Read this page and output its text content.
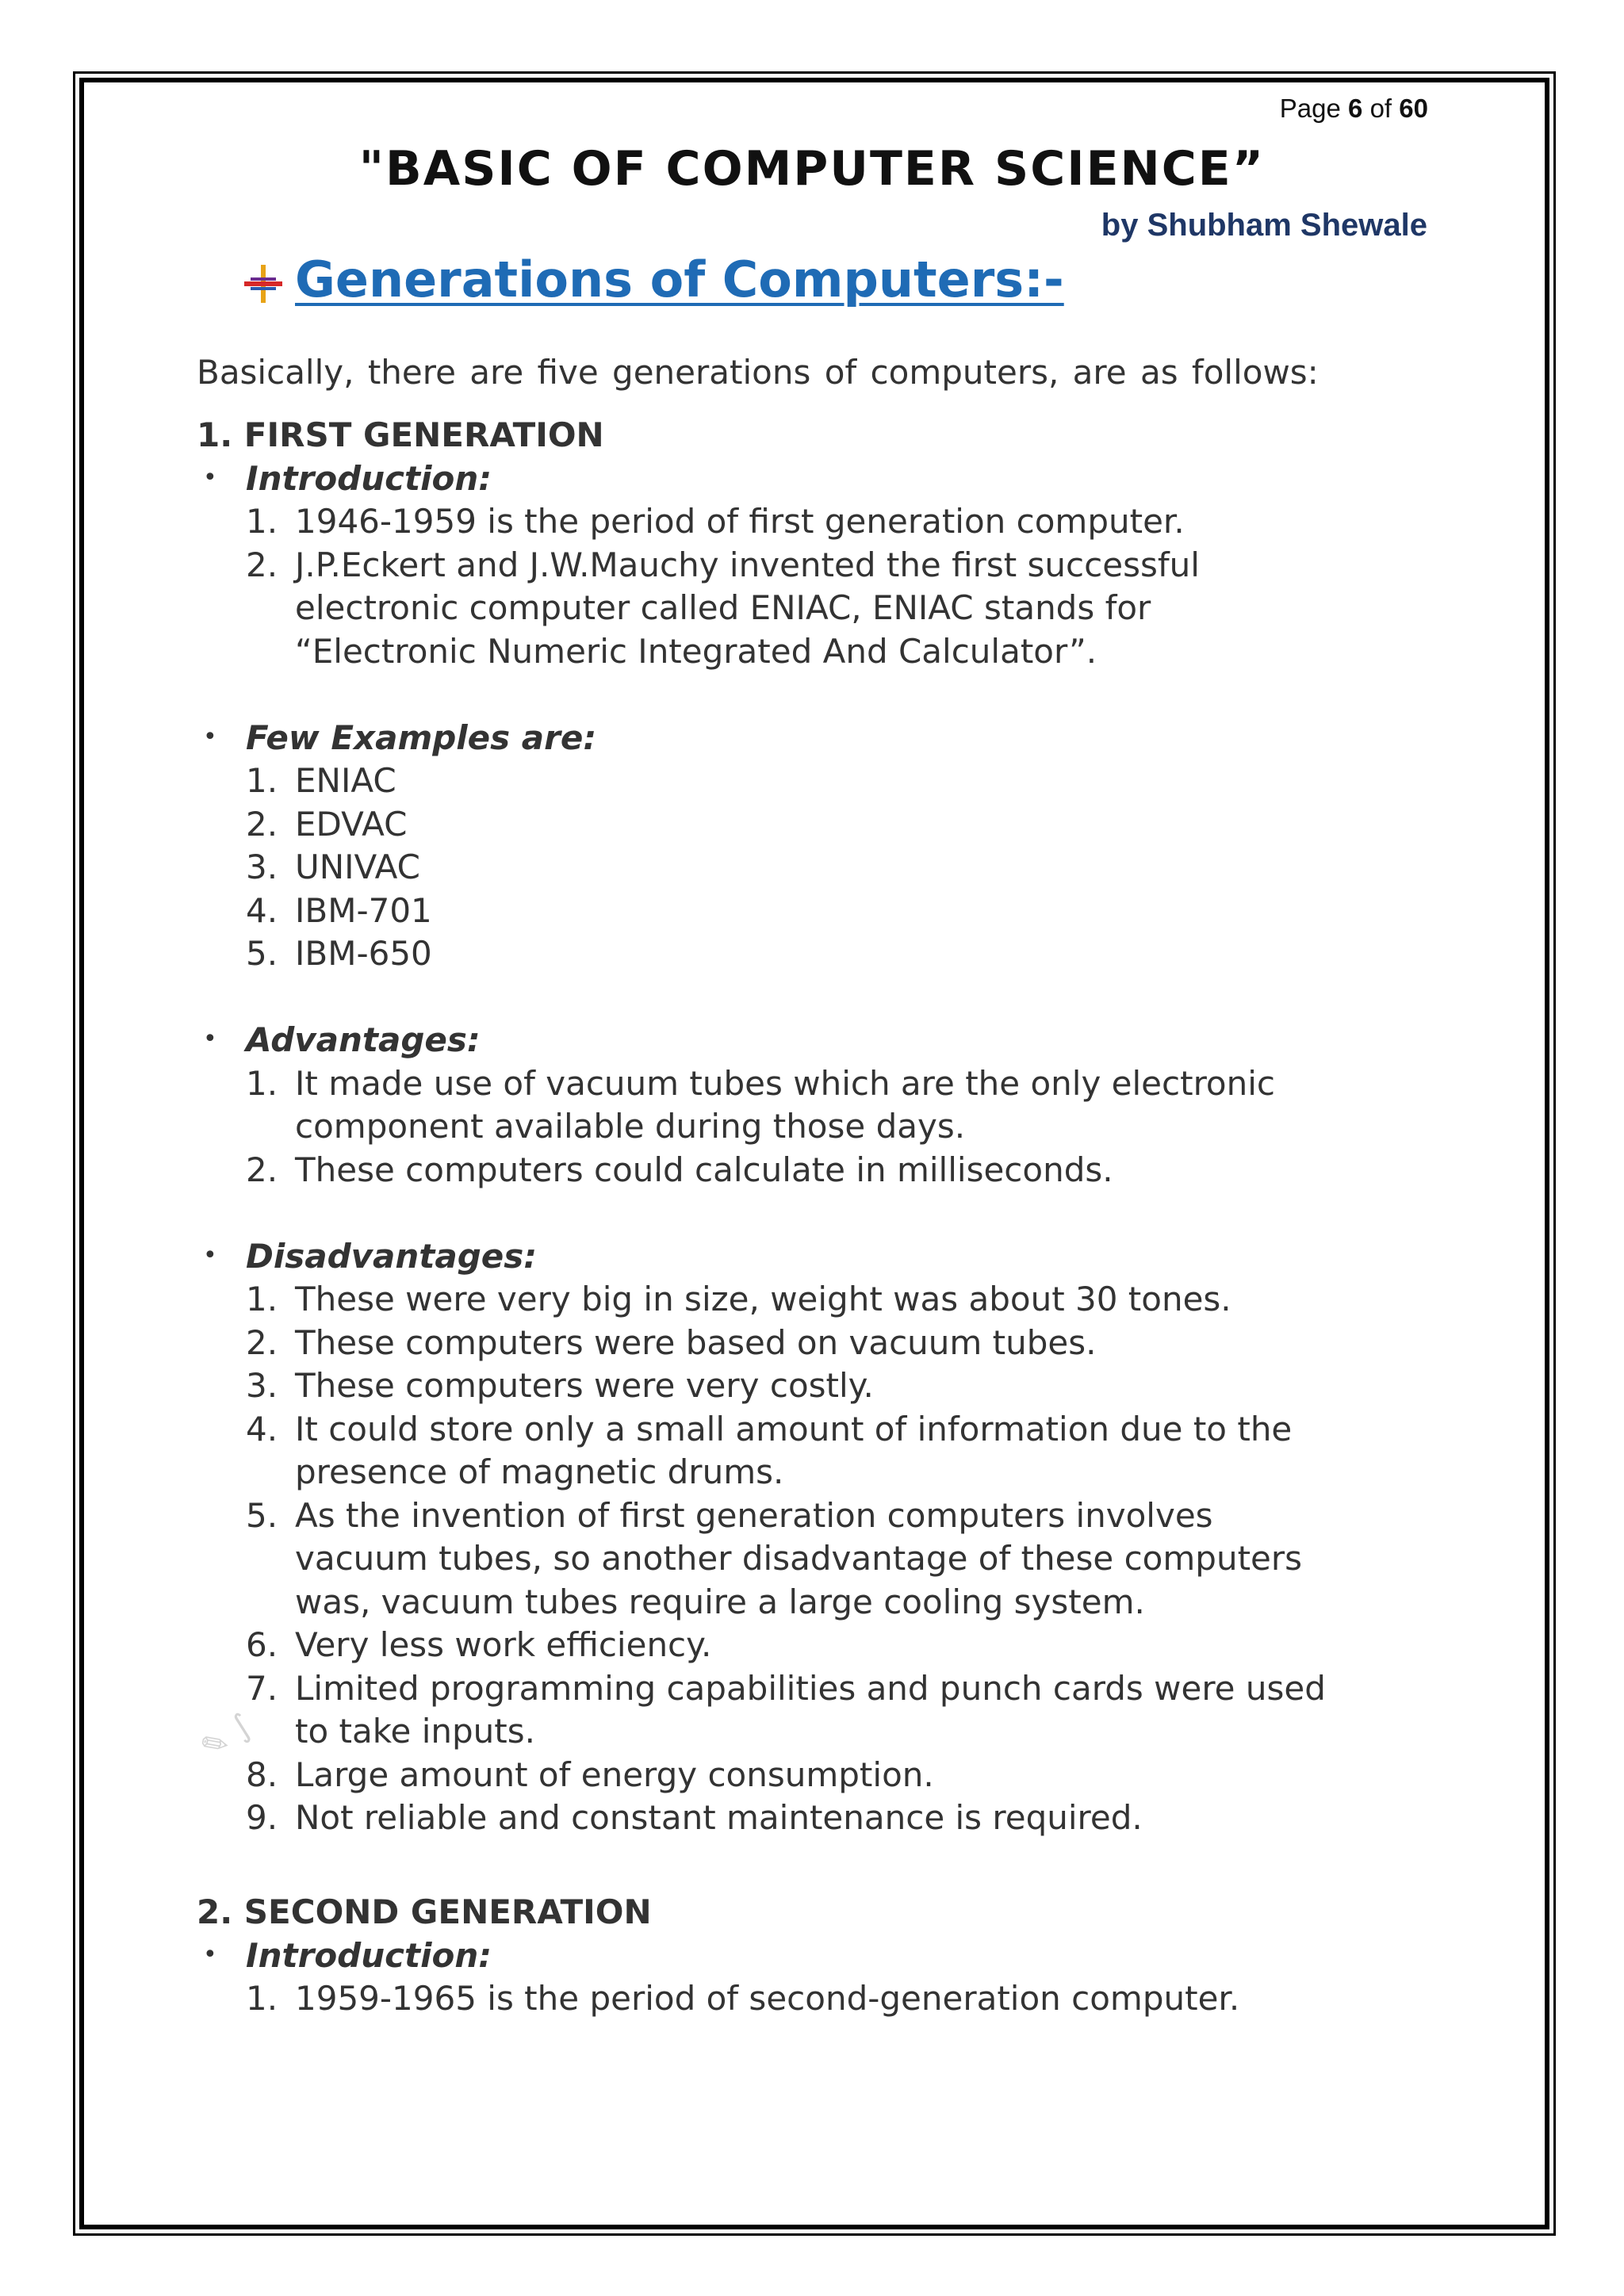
Page 6 of 60
"BASIC OF COMPUTER SCIENCE”
by Shubham Shewale
Generations of Computers:-
Basically, there are five generations of computers, are as follows:
1. FIRST GENERATION
• Introduction:
1. 1946-1959 is the period of first generation computer.
2. J.P.Eckert and J.W.Mauchy invented the first successful
electronic computer called ENIAC, ENIAC stands for
“Electronic Numeric Integrated And Calculator”.
• Few Examples are:
1. ENIAC
2. EDVAC
3. UNIVAC
4. IBM-701
5. IBM-650
• Advantages:
1. It made use of vacuum tubes which are the only electronic
component available during those days.
2. These computers could calculate in milliseconds.
• Disadvantages:
1. These were very big in size, weight was about 30 tones.
2. These computers were based on vacuum tubes.
3. These computers were very costly.
4. It could store only a small amount of information due to the
presence of magnetic drums.
5. As the invention of first generation computers involves
vacuum tubes, so another disadvantage of these computers
was, vacuum tubes require a large cooling system.
6. Very less work efficiency.
7. Limited programming capabilities and punch cards were used
to take inputs.
8. Large amount of energy consumption.
9. Not reliable and constant maintenance is required.
2. SECOND GENERATION
• Introduction:
1. 1959-1965 is the period of second-generation computer.
✎ ∫
